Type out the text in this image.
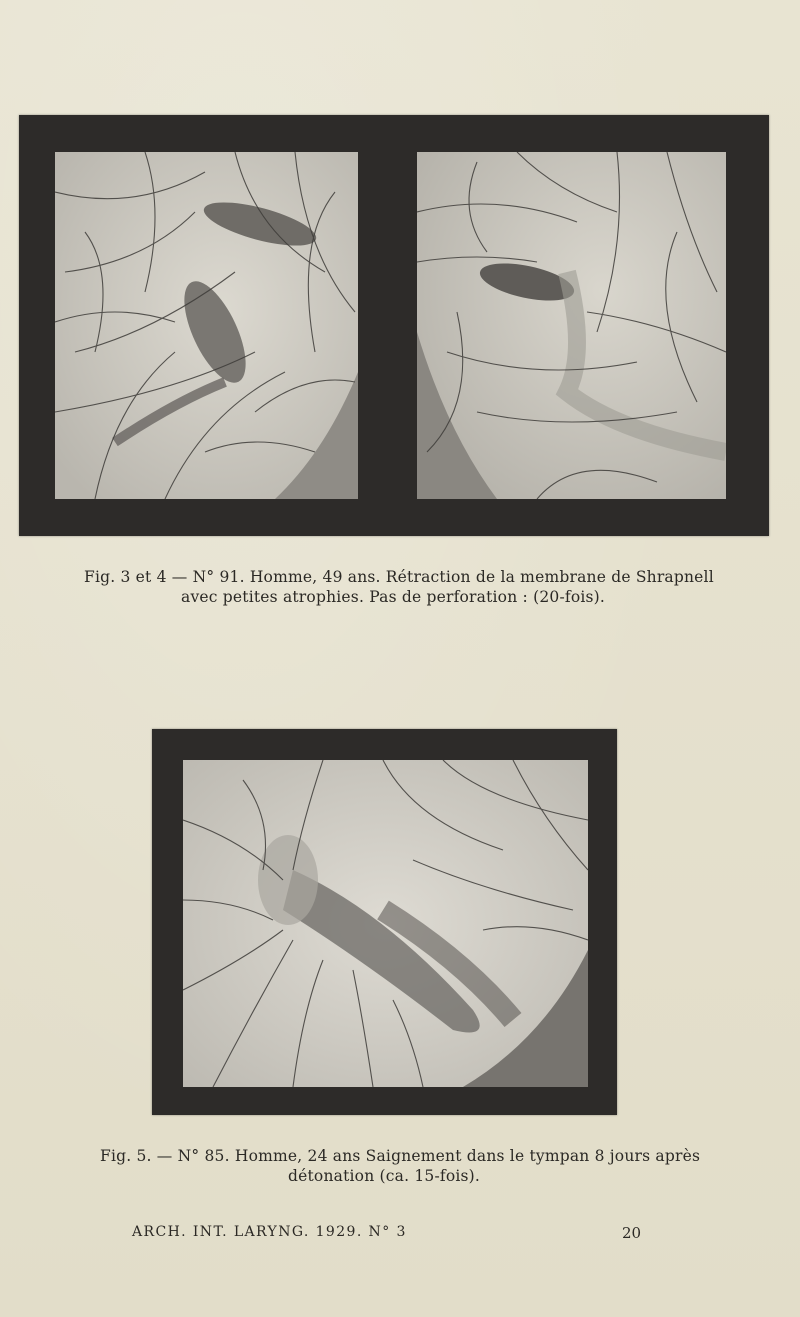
Fig. 3 et 4 — N° 91. Homme, 49 ans. Rétraction de la membrane de Shrapnell
avec petites atrophies. Pas de perforation : (20-fois).
Fig. 5. — N° 85. Homme, 24 ans Saignement dans le tympan 8 jours après
détonation (ca. 15-fois).
ARCH. INT. LARYNG. 1929. N° 3	20
